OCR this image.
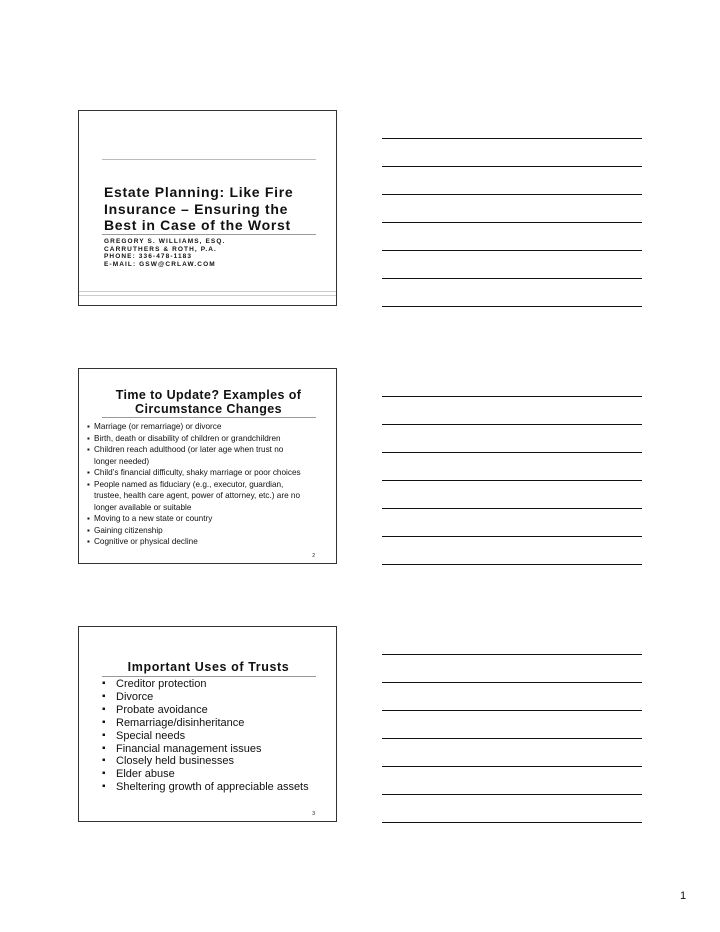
Estate Planning: Like Fire
Insurance – Ensuring the
Best in Case of the Worst
GREGORY S. WILLIAMS, ESQ.
CARRUTHERS & ROTH, P.A.
PHONE: 336-478-1183
E-MAIL: GSW@CRLAW.COM
Time to Update? Examples of
Circumstance Changes
▪ Marriage (or remarriage) or divorce
▪ Birth, death or disability of children or grandchildren
▪ Children reach adulthood (or later age when trust no
longer needed)
▪ Child’s financial difficulty, shaky marriage or poor choices
▪ People named as fiduciary (e.g., executor, guardian,
trustee, health care agent, power of attorney, etc.) are no
longer available or suitable
▪ Moving to a new state or country
▪ Gaining citizenship
▪ Cognitive or physical decline
2
Important Uses of Trusts
▪ Creditor protection
▪ Divorce
▪ Probate avoidance
▪ Remarriage/disinheritance
▪ Special needs
▪ Financial management issues
▪ Closely held businesses
▪ Elder abuse
▪ Sheltering growth of appreciable assets
3
1
